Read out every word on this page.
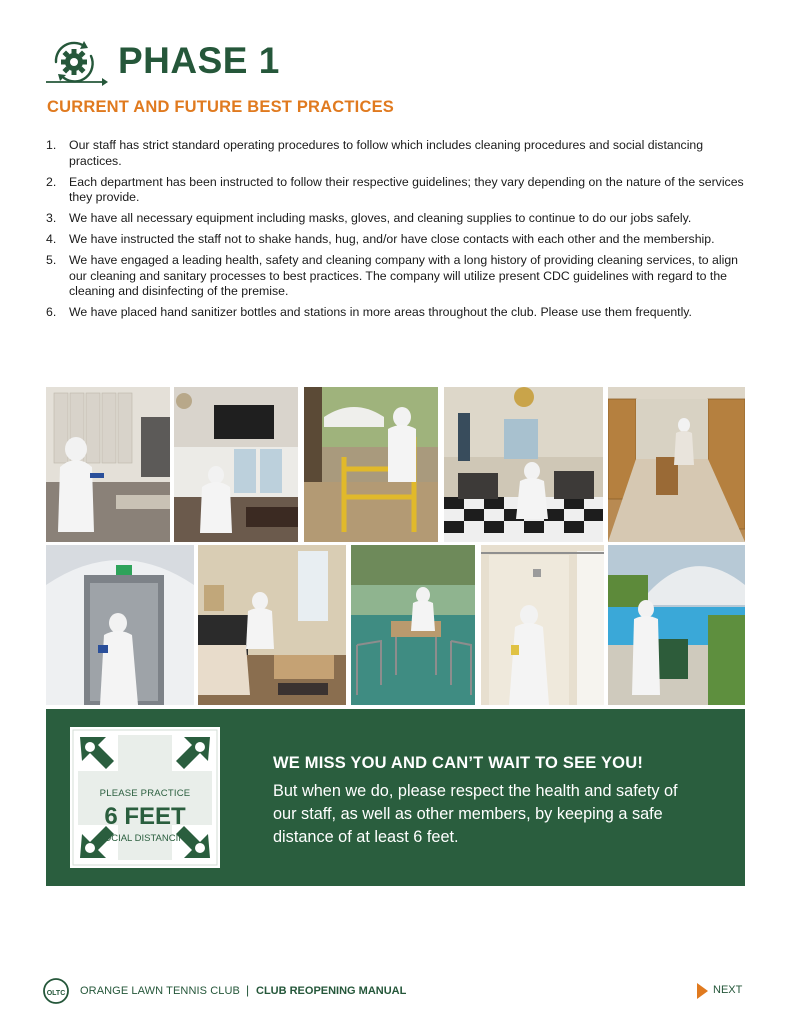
PHASE 1
CURRENT AND FUTURE BEST PRACTICES
1.	Our staff has strict standard operating procedures to follow which includes cleaning procedures and social distancing practices.
2.	Each department has been instructed to follow their respective guidelines; they vary depending on the nature of the services they provide.
3.	We have all necessary equipment including masks, gloves, and cleaning supplies to continue to do our jobs safely.
4.	We have instructed the staff not to shake hands, hug, and/or have close contacts with each other and the membership.
5.	We have engaged a leading health, safety and cleaning company with a long history of providing cleaning services, to align our cleaning and sanitary processes to best practices. The company will utilize present CDC guidelines with regard to the cleaning and disinfecting of the premise.
6.	We have placed hand sanitizer bottles and stations in more areas throughout the club. Please use them frequently.
PLEASE PRACTICE
6 FEET
SOCIAL DISTANCING
WE MISS YOU AND CAN’T WAIT TO SEE YOU!
But when we do, please respect the health and safety of our staff, as well as other members, by keeping a safe distance of at least 6 feet.
OLTC ORANGE LAWN TENNIS CLUB | CLUB REOPENING MANUAL	NEXT
